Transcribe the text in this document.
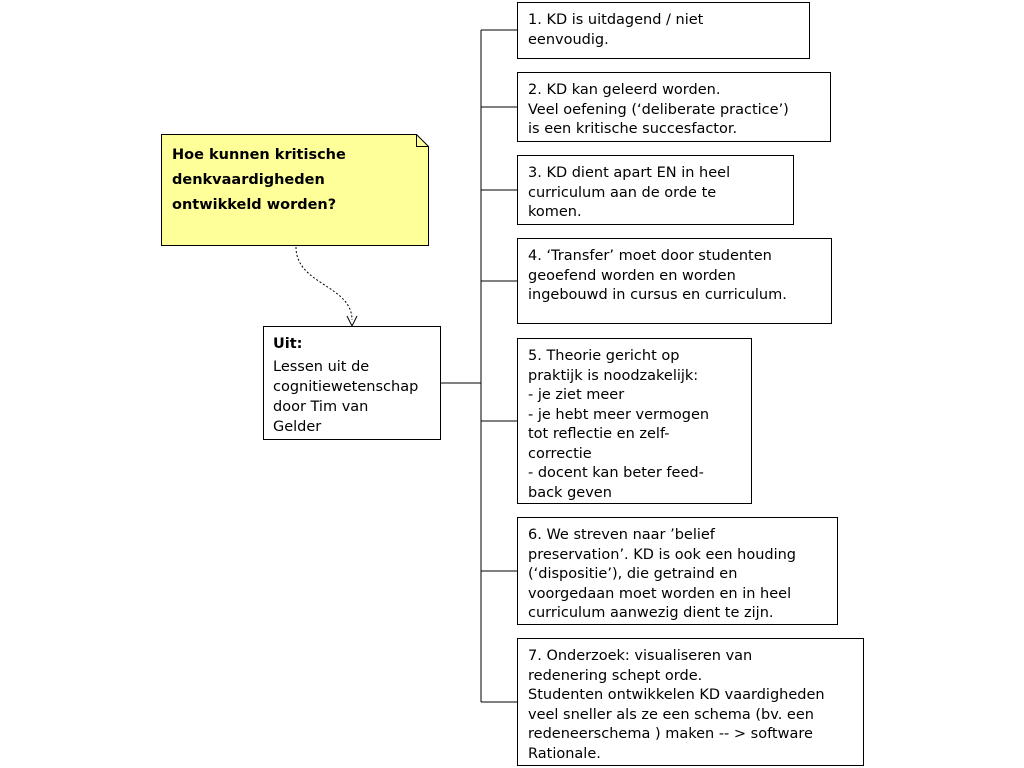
Hoe kunnen kritische
denkvaardigheden
ontwikkeld worden?
Uit:
Lessen uit de
cognitiewetenschap
door Tim van
Gelder
1. KD is uitdagend / niet
eenvoudig.
2. KD kan geleerd worden.
Veel oefening (‘deliberate practice’)
is een kritische succesfactor.
3. KD dient apart EN in heel
curriculum aan de orde te
komen.
4. ‘Transfer’ moet door studenten
geoefend worden en worden
ingebouwd in cursus en curriculum.
5. Theorie gericht op
praktijk is noodzakelijk:
- je ziet meer
- je hebt meer vermogen
tot reflectie en zelf-
correctie
- docent kan beter feed-
back geven
6. We streven naar ’belief
preservation’. KD is ook een houding
(‘dispositie’), die getraind en
voorgedaan moet worden en in heel
curriculum aanwezig dient te zijn.
7. Onderzoek: visualiseren van
redenering schept orde.
Studenten ontwikkelen KD vaardigheden
veel sneller als ze een schema (bv. een
redeneerschema ) maken -- > software
Rationale.
